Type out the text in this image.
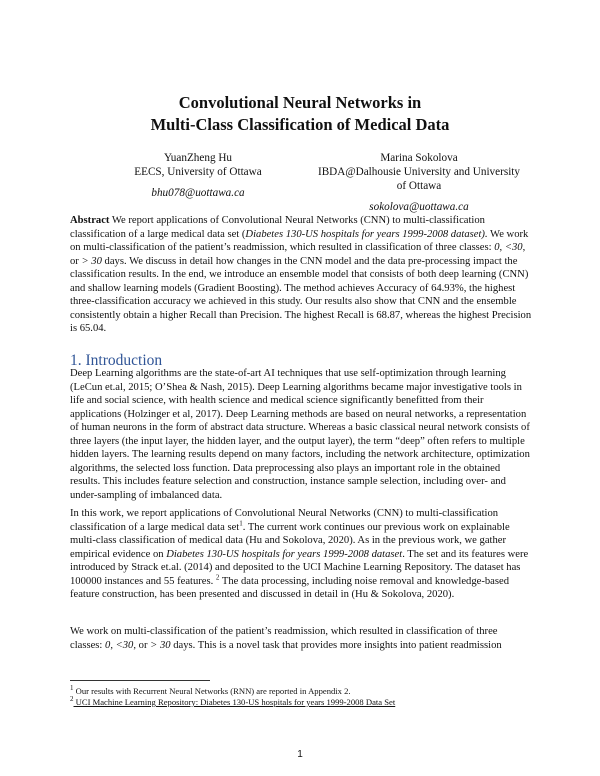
Convolutional Neural Networks in
Multi-Class Classification of Medical Data
YuanZheng Hu
EECS, University of Ottawa
bhu078@uottawa.ca
Marina Sokolova
IBDA@Dalhousie University and University
of Ottawa
sokolova@uottawa.ca
Abstract We report applications of Convolutional Neural Networks (CNN) to multi-classification classification of a large medical data set (Diabetes 130-US hospitals for years 1999-2008 dataset). We work on multi-classification of the patient’s readmission, which resulted in classification of three classes: 0, <30, or > 30 days. We discuss in detail how changes in the CNN model and the data pre-processing impact the classification results. In the end, we introduce an ensemble model that consists of both deep learning (CNN) and shallow learning models (Gradient Boosting). The method achieves Accuracy of 64.93%, the highest three-classification accuracy we achieved in this study. Our results also show that CNN and the ensemble consistently obtain a higher Recall than Precision. The highest Recall is 68.87, whereas the highest Precision is 65.04.
1. Introduction
Deep Learning algorithms are the state-of-art AI techniques that use self-optimization through learning (LeCun et.al, 2015; O’Shea & Nash, 2015). Deep Learning algorithms became major investigative tools in life and social science, with health science and medical science significantly benefitted from their applications (Holzinger et al, 2017). Deep Learning methods are based on neural networks, a representation of human neurons in the form of abstract data structure. Whereas a basic classical neural network consists of three layers (the input layer, the hidden layer, and the output layer), the term “deep” often refers to multiple hidden layers. The learning results depend on many factors, including the network architecture, optimization algorithms, the selected loss function. Data preprocessing also plays an important role in the obtained results. This includes feature selection and construction, instance sample selection, including over- and under-sampling of imbalanced data.
In this work, we report applications of Convolutional Neural Networks (CNN) to multi-classification classification of a large medical data set$^1$. The current work continues our previous work on explainable multi-class classification of medical data (Hu and Sokolova, 2020). As in the previous work, we gather empirical evidence on Diabetes 130-US hospitals for years 1999-2008 dataset. The set and its features were introduced by Strack et.al. (2014) and deposited to the UCI Machine Learning Repository. The dataset has 100000 instances and 55 features. $^2$ The data processing, including noise removal and knowledge-based feature construction, has been presented and discussed in detail in (Hu & Sokolova, 2020).
We work on multi-classification of the patient’s readmission, which resulted in classification of three classes: 0, <30, or > 30 days. This is a novel task that provides more insights into patient readmission
$^1$ Our results with Recurrent Neural Networks (RNN) are reported in Appendix 2.
$^2$ UCI Machine Learning Repository: Diabetes 130-US hospitals for years 1999-2008 Data Set
1
